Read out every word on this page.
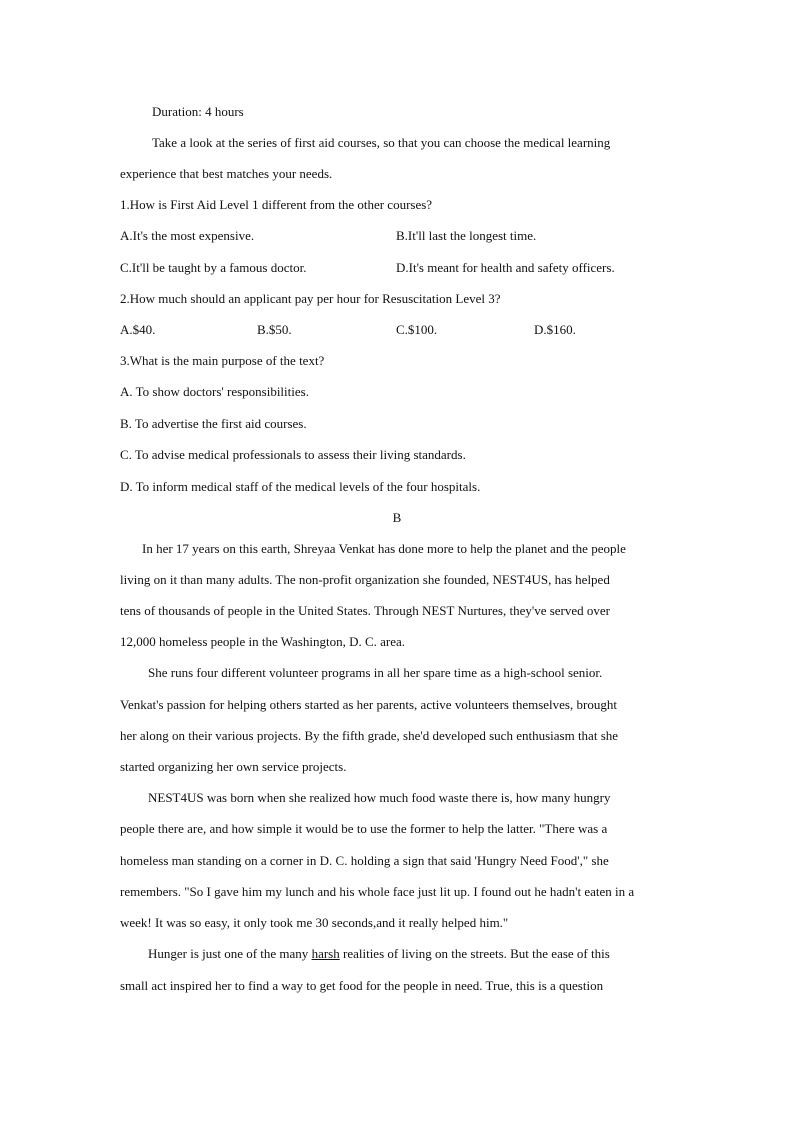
Duration: 4 hours
Take a look at the series of first aid courses, so that you can choose the medical learning
experience that best matches your needs.
1.How is First Aid Level 1 different from the other courses?
A.It's the most expensive.	B.It'll last the longest time.
C.It'll be taught by a famous doctor.	D.It's meant for health and safety officers.
2.How much should an applicant pay per hour for Resuscitation Level 3?
A.$40.	B.$50.	C.$100.	D.$160.
3.What is the main purpose of the text?
A. To show doctors' responsibilities.
B. To advertise the first aid courses.
C. To advise medical professionals to assess their living standards.
D. To inform medical staff of the medical levels of the four hospitals.
B
In her 17 years on this earth, Shreyaa Venkat has done more to help the planet and the people
living on it than many adults. The non-profit organization she founded, NEST4US, has helped
tens of thousands of people in the United States. Through NEST Nurtures, they've served over
12,000 homeless people in the Washington, D. C. area.
She runs four different volunteer programs in all her spare time as a high-school senior.
Venkat's passion for helping others started as her parents, active volunteers themselves, brought
her along on their various projects. By the fifth grade, she'd developed such enthusiasm that she
started organizing her own service projects.
NEST4US was born when she realized how much food waste there is, how many hungry
people there are, and how simple it would be to use the former to help the latter. "There was a
homeless man standing on a corner in D. C. holding a sign that said 'Hungry Need Food'," she
remembers. "So I gave him my lunch and his whole face just lit up. I found out he hadn't eaten in a
week! It was so easy, it only took me 30 seconds,and it really helped him."
Hunger is just one of the many harsh realities of living on the streets. But the ease of this
small act inspired her to find a way to get food for the people in need. True, this is a question
